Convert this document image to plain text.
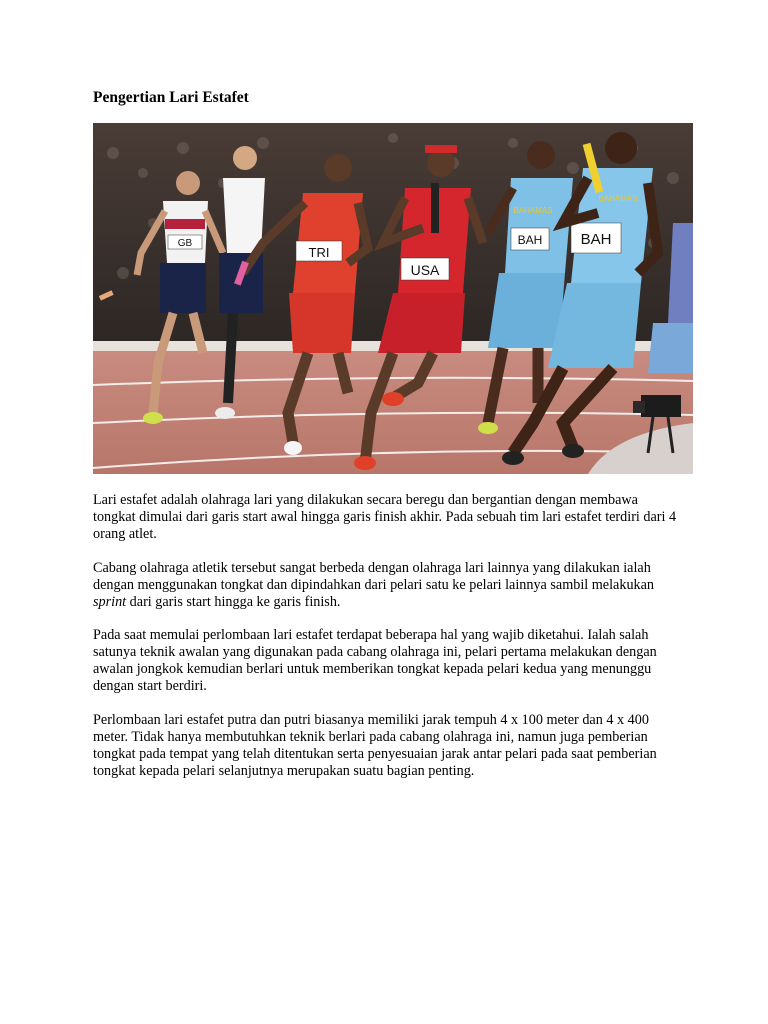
Pengertian Lari Estafet
GB
TRI
USA
BAHAMAS
BAH
BAHAMAS
BAH

Lari estafet adalah olahraga lari yang dilakukan secara beregu dan bergantian dengan membawa tongkat dimulai dari garis start awal hingga garis finish akhir. Pada sebuah tim lari estafet terdiri dari 4 orang atlet.

Cabang olahraga atletik tersebut sangat berbeda dengan olahraga lari lainnya yang dilakukan ialah dengan menggunakan tongkat dan dipindahkan dari pelari satu ke pelari lainnya sambil melakukan sprint dari garis start hingga ke garis finish.

Pada saat memulai perlombaan lari estafet terdapat beberapa hal yang wajib diketahui. Ialah salah satunya teknik awalan yang digunakan pada cabang olahraga ini, pelari pertama melakukan dengan awalan jongkok kemudian berlari untuk memberikan tongkat kepada pelari kedua yang menunggu dengan start berdiri.

Perlombaan lari estafet putra dan putri biasanya memiliki jarak tempuh 4 x 100 meter dan 4 x 400 meter. Tidak hanya membutuhkan teknik berlari pada cabang olahraga ini, namun juga pemberian tongkat pada tempat yang telah ditentukan serta penyesuaian jarak antar pelari pada saat pemberian tongkat kepada pelari selanjutnya merupakan suatu bagian penting.
